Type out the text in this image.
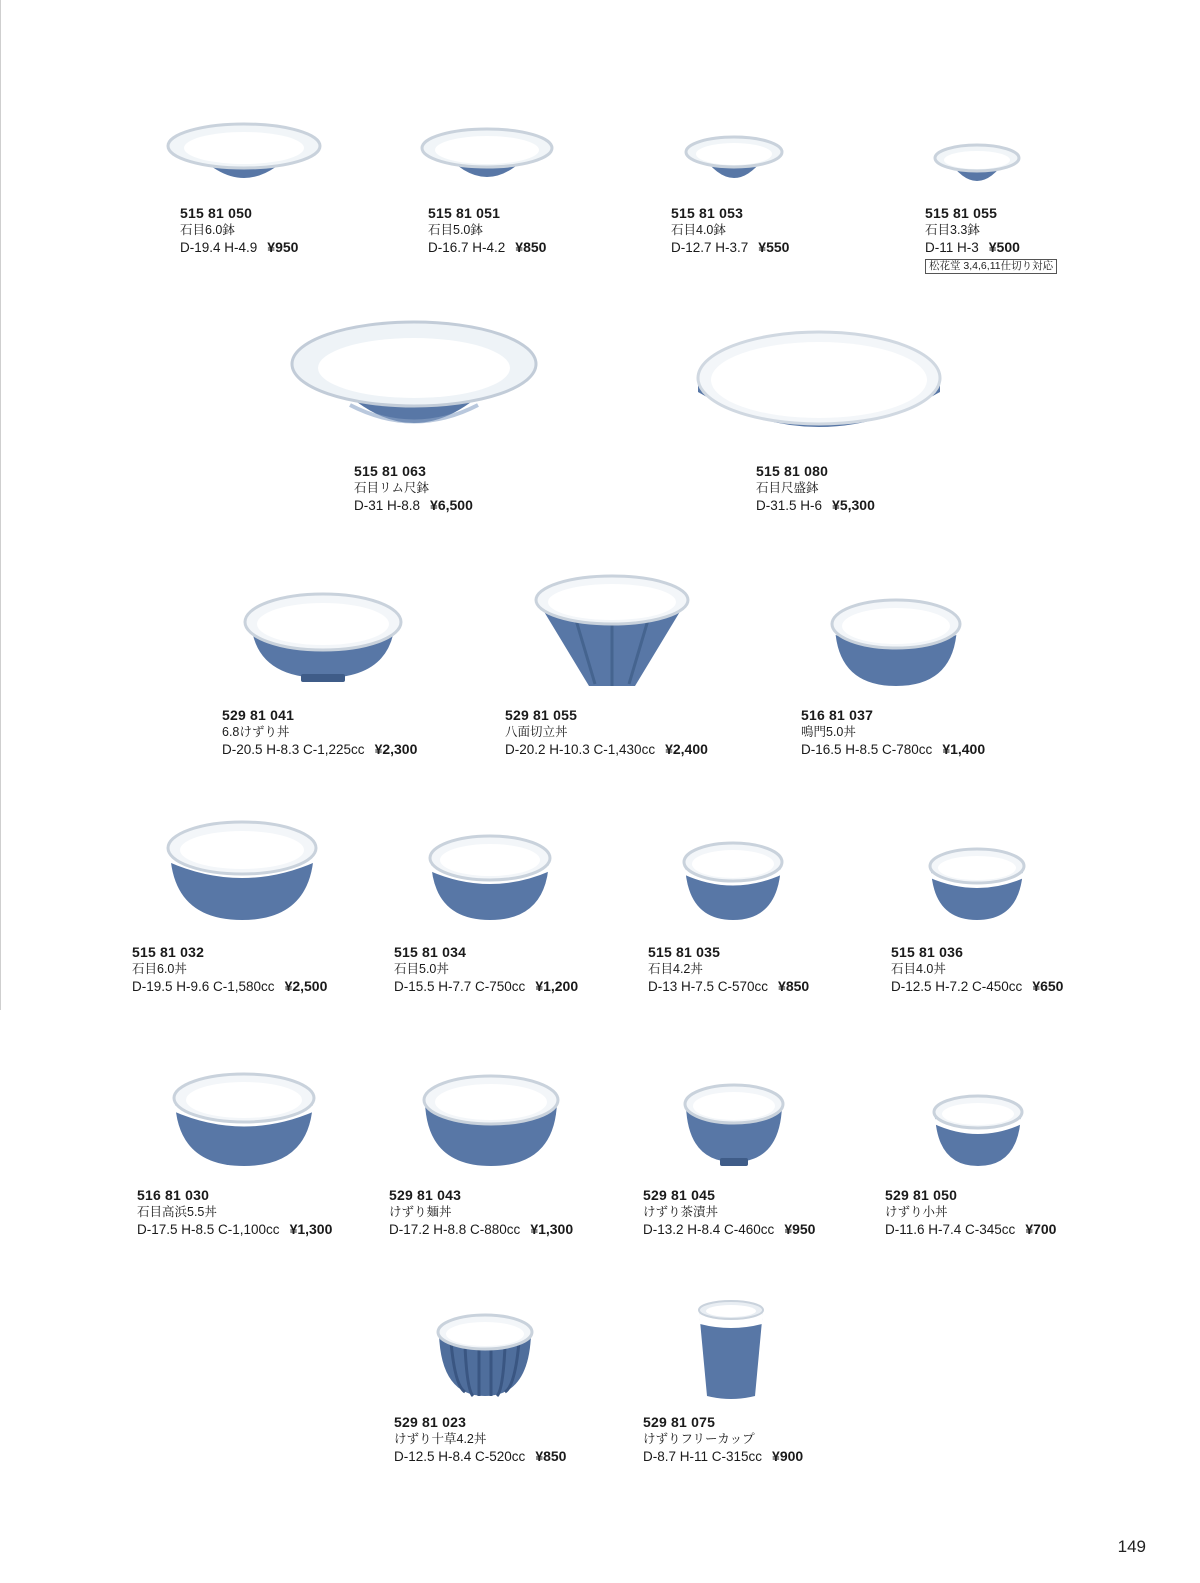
515 81 050
石目6.0鉢
D-19.4 H-4.9 ¥950
515 81 051
石目5.0鉢
D-16.7 H-4.2 ¥850
515 81 053
石目4.0鉢
D-12.7 H-3.7 ¥550
515 81 055
石目3.3鉢
D-11 H-3 ¥500
松花堂 3,4,6,11仕切り対応
515 81 063
石目リム尺鉢
D-31 H-8.8 ¥6,500
515 81 080
石目尺盛鉢
D-31.5 H-6 ¥5,300
529 81 041
6.8けずり丼
D-20.5 H-8.3 C-1,225cc ¥2,300
529 81 055
八面切立丼
D-20.2 H-10.3 C-1,430cc ¥2,400
516 81 037
鳴門5.0丼
D-16.5 H-8.5 C-780cc ¥1,400
515 81 032
石目6.0丼
D-19.5 H-9.6 C-1,580cc ¥2,500
515 81 034
石目5.0丼
D-15.5 H-7.7 C-750cc ¥1,200
515 81 035
石目4.2丼
D-13 H-7.5 C-570cc ¥850
515 81 036
石目4.0丼
D-12.5 H-7.2 C-450cc ¥650
516 81 030
石目高浜5.5丼
D-17.5 H-8.5 C-1,100cc ¥1,300
529 81 043
けずり麺丼
D-17.2 H-8.8 C-880cc ¥1,300
529 81 045
けずり茶漬丼
D-13.2 H-8.4 C-460cc ¥950
529 81 050
けずり小丼
D-11.6 H-7.4 C-345cc ¥700
529 81 023
けずり十草4.2丼
D-12.5 H-8.4 C-520cc ¥850
529 81 075
けずりフリーカップ
D-8.7 H-11 C-315cc ¥900
149
